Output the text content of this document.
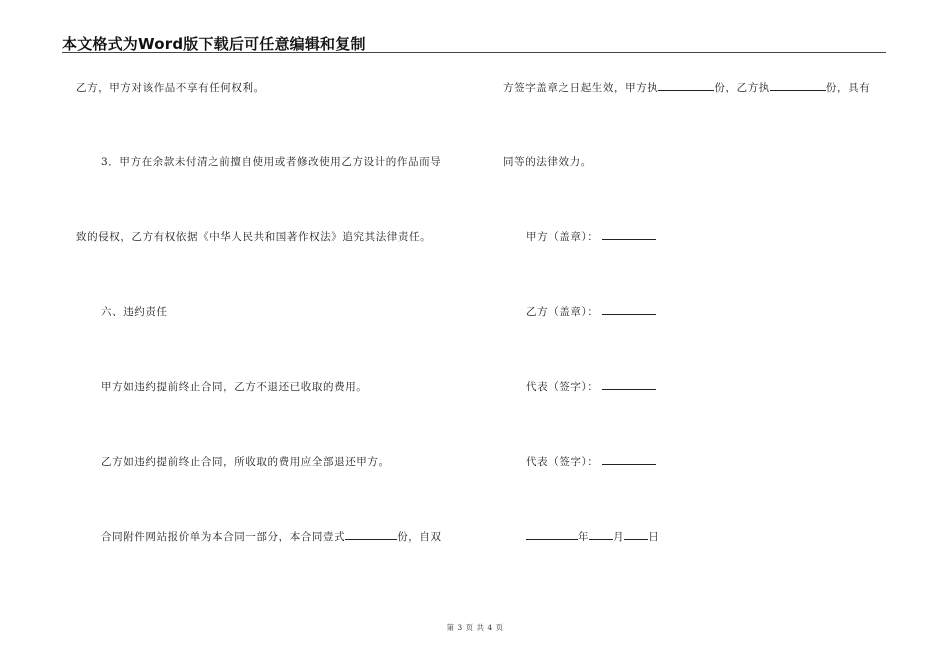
本文格式为Word版下载后可任意编辑和复制
乙方，甲方对该作品不享有任何权利。
3．甲方在余款未付清之前擅自使用或者修改使用乙方设计的作品而导
致的侵权，乙方有权依据《中华人民共和国著作权法》追究其法律责任。
六、违约责任
甲方如违约提前终止合同，乙方不退还已收取的费用。
乙方如违约提前终止合同，所收取的费用应全部退还甲方。
合同附件网站报价单为本合同一部分，本合同壹式	份，自双
方签字盖章之日起生效，甲方执	份，乙方执	份，具有
同等的法律效力。
甲方（盖章）：
乙方（盖章）：
代表（签字）：
代表（签字）：
年 月 日
第 3 页 共 4 页
